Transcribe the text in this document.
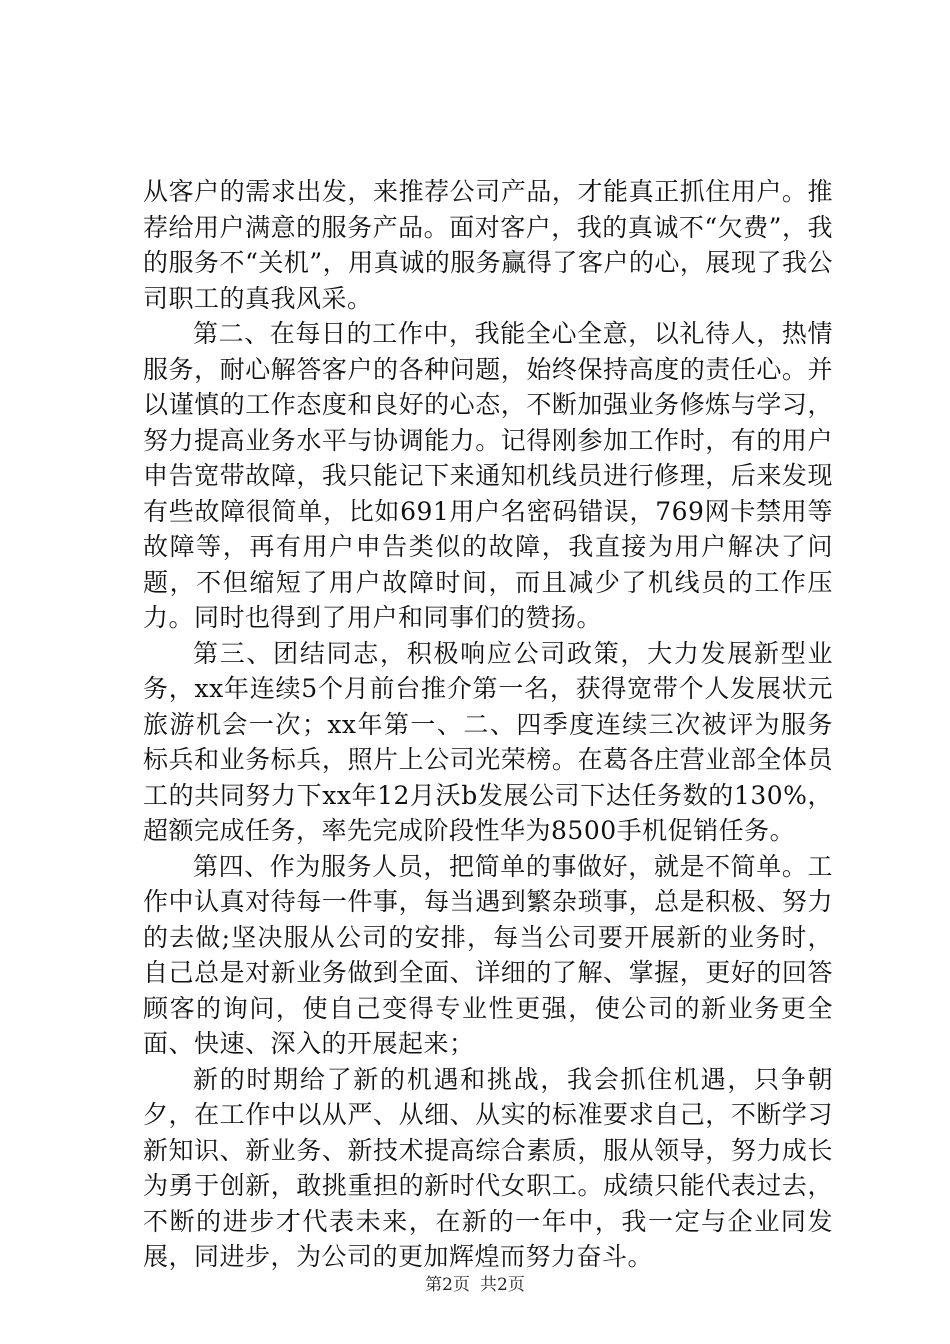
从客户的需求出发，来推荐公司产品，才能真正抓住用户。推荐给用户满意的服务产品。面对客户，我的真诚不“欠费”，我的服务不“关机”，用真诚的服务赢得了客户的心，展现了我公司职工的真我风采。

第二、在每日的工作中，我能全心全意，以礼待人，热情服务，耐心解答客户的各种问题，始终保持高度的责任心。并以谨慎的工作态度和良好的心态，不断加强业务修炼与学习，努力提高业务水平与协调能力。记得刚参加工作时，有的用户申告宽带故障，我只能记下来通知机线员进行修理，后来发现有些故障很简单，比如691用户名密码错误，769网卡禁用等故障等，再有用户申告类似的故障，我直接为用户解决了问题，不但缩短了用户故障时间，而且减少了机线员的工作压力。同时也得到了用户和同事们的赞扬。

第三、团结同志，积极响应公司政策，大力发展新型业务，xx年连续5个月前台推介第一名，获得宽带个人发展状元旅游机会一次；xx年第一、二、四季度连续三次被评为服务标兵和业务标兵，照片上公司光荣榜。在葛各庄营业部全体员工的共同努力下xx年12月沃b发展公司下达任务数的130%，超额完成任务，率先完成阶段性华为8500手机促销任务。

第四、作为服务人员，把简单的事做好，就是不简单。工作中认真对待每一件事，每当遇到繁杂琐事，总是积极、努力的去做;坚决服从公司的安排，每当公司要开展新的业务时，自己总是对新业务做到全面、详细的了解、掌握，更好的回答顾客的询问，使自己变得专业性更强，使公司的新业务更全面、快速、深入的开展起来；

新的时期给了新的机遇和挑战，我会抓住机遇，只争朝夕，在工作中以从严、从细、从实的标准要求自己，不断学习新知识、新业务、新技术提高综合素质，服从领导，努力成长为勇于创新，敢挑重担的新时代女职工。成绩只能代表过去，不断的进步才代表未来，在新的一年中，我一定与企业同发展，同进步，为公司的更加辉煌而努力奋斗。

第2页 共2页
